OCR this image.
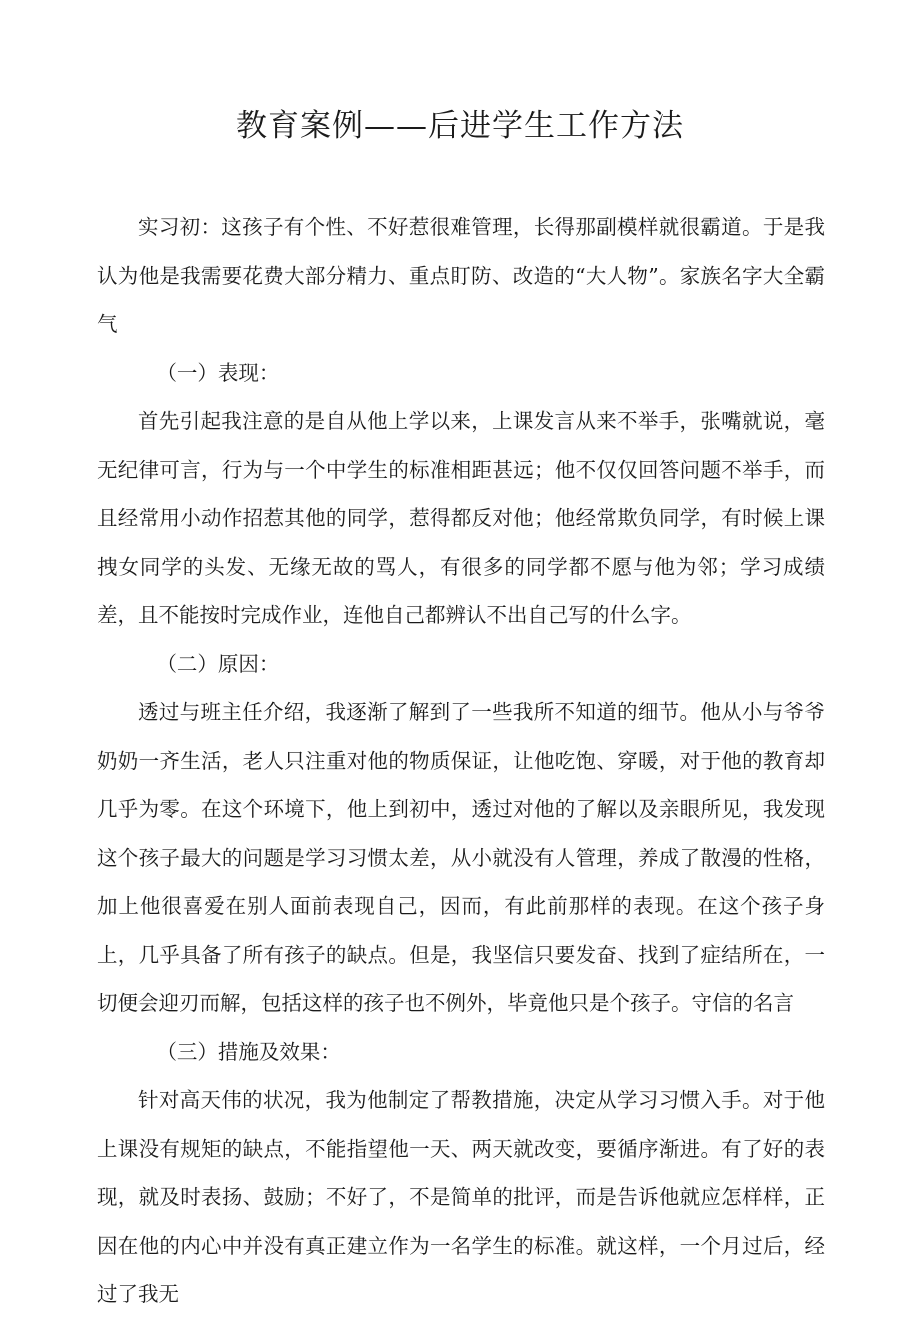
教育案例——后进学生工作方法

实习初：这孩子有个性、不好惹很难管理，长得那副模样就很霸道。于是我认为他是我需要花费大部分精力、重点盯防、改造的“大人物”。家族名字大全霸气

（一）表现：

首先引起我注意的是自从他上学以来，上课发言从来不举手，张嘴就说，毫无纪律可言，行为与一个中学生的标准相距甚远；他不仅仅回答问题不举手，而且经常用小动作招惹其他的同学，惹得都反对他；他经常欺负同学，有时候上课拽女同学的头发、无缘无故的骂人，有很多的同学都不愿与他为邻；学习成绩差，且不能按时完成作业，连他自己都辨认不出自己写的什么字。

（二）原因：

透过与班主任介绍，我逐渐了解到了一些我所不知道的细节。他从小与爷爷奶奶一齐生活，老人只注重对他的物质保证，让他吃饱、穿暖，对于他的教育却几乎为零。在这个环境下，他上到初中，透过对他的了解以及亲眼所见，我发现这个孩子最大的问题是学习习惯太差，从小就没有人管理，养成了散漫的性格，加上他很喜爱在别人面前表现自己，因而，有此前那样的表现。在这个孩子身上，几乎具备了所有孩子的缺点。但是，我坚信只要发奋、找到了症结所在，一切便会迎刃而解，包括这样的孩子也不例外，毕竟他只是个孩子。守信的名言

（三）措施及效果：

针对高天伟的状况，我为他制定了帮教措施，决定从学习习惯入手。对于他上课没有规矩的缺点，不能指望他一天、两天就改变，要循序渐进。有了好的表现，就及时表扬、鼓励；不好了，不是简单的批评，而是告诉他就应怎样样，正因在他的内心中并没有真正建立作为一名学生的标准。就这样，一个月过后，经过了我无
